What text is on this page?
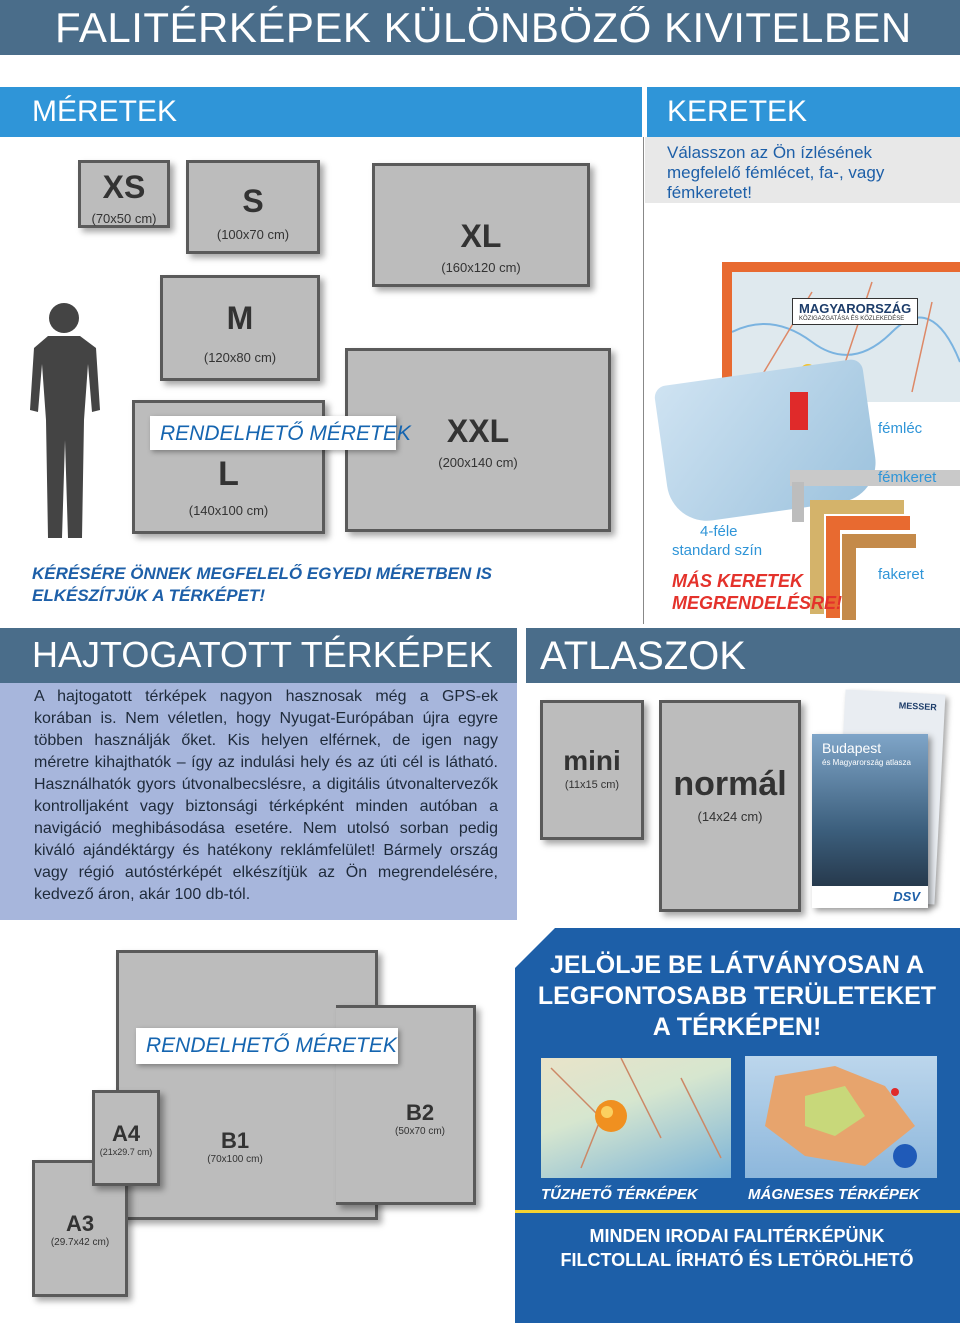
FALITÉRKÉPEK KÜLÖNBÖZŐ KIVITELBEN
MÉRETEK	KERETEK
Válasszon az Ön ízlésének megfelelő fémlécet, fa-, vagy fémkeretet!
XS
(70x50 cm)	S
(100x70 cm)	XL
(160x120 cm)
M
(120x80 cm)
XXL
(200x140 cm)
L
(140x100 cm)
RENDELHETŐ MÉRETEK
KÉRÉSÉRE ÖNNEK MEGFELELŐ EGYEDI MÉRETBEN IS ELKÉSZÍTJÜK A TÉRKÉPET!
MAGYARORSZÁG
KÖZIGAZGATÁSA ÉS KÖZLEKEDÉSE
fémléc
fémkeret
fakeret
4-féle
standard szín
MÁS KERETEK MEGRENDELÉSRE!
HAJTOGATOTT TÉRKÉPEK
A hajtogatott térképek nagyon hasznosak még a GPS-ek korában is. Nem véletlen, hogy Nyugat-Európában újra egyre többen használják őket. Kis helyen elférnek, de igen nagy méretre kihajthatók – így az indulási hely és az úti cél is látható. Használhatók gyors útvonalbecslésre, a digitális útvonaltervezők kontrolljaként vagy biztonsági térképként minden autóban a navigáció meghibásodása esetére. Nem utolsó sorban pedig kiváló ajándéktárgy és hatékony reklámfelület! Bármely ország vagy régió autóstérképét elkészítjük az Ön megrendelésére, kedvező áron, akár 100 db-tól.
ATLASZOK
mini
(11x15 cm)	normál
(14x24 cm)
MESSER
Budapest
és Magyarország atlasza
DSV
RENDELHETŐ MÉRETEK
B2
(50x70 cm)
B1
(70x100 cm)
A3
(29.7x42 cm)
A4
(21x29.7 cm)
JELÖLJE BE LÁTVÁNYOSAN A LEGFONTOSABB TERÜLETEKET A TÉRKÉPEN!
TŰZHETŐ TÉRKÉPEK	MÁGNESES TÉRKÉPEK
MINDEN IRODAI FALITÉRKÉPÜNK FILCTOLLAL ÍRHATÓ ÉS LETÖRÖLHETŐ
